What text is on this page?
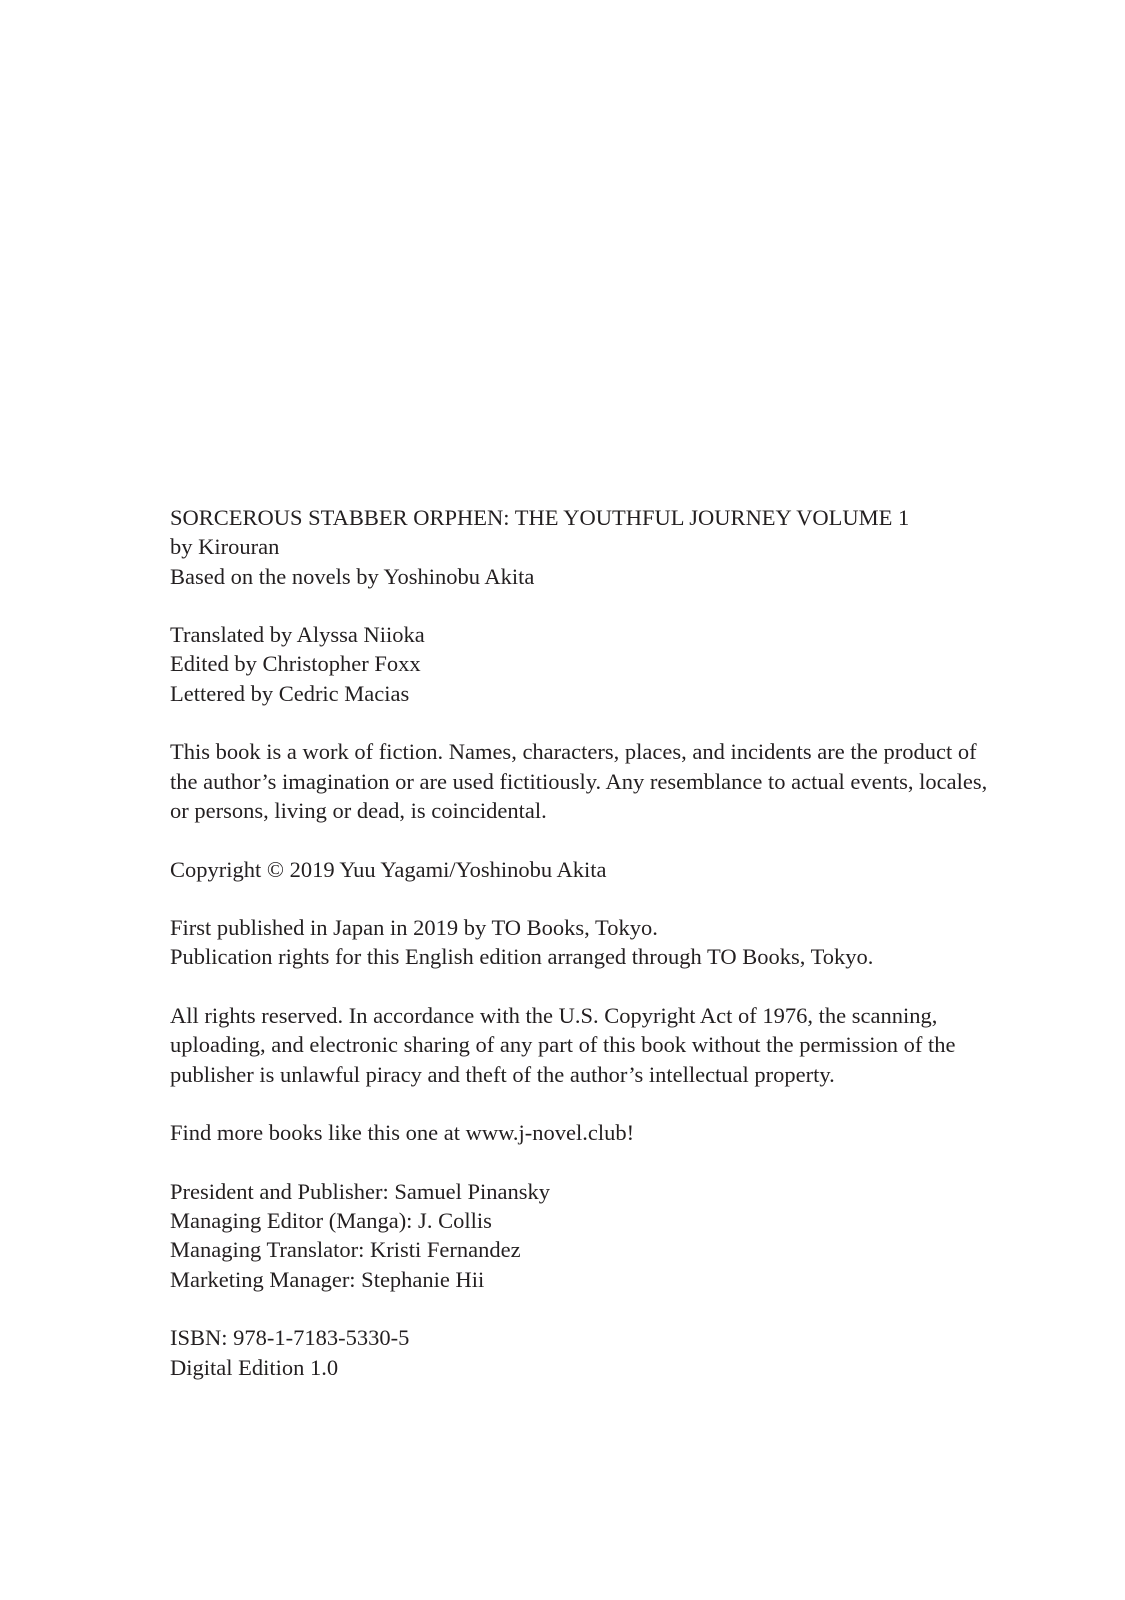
SORCEROUS STABBER ORPHEN: THE YOUTHFUL JOURNEY VOLUME 1
by Kirouran
Based on the novels by Yoshinobu Akita

Translated by Alyssa Niioka
Edited by Christopher Foxx
Lettered by Cedric Macias

This book is a work of fiction. Names, characters, places, and incidents are the product of
the author’s imagination or are used fictitiously. Any resemblance to actual events, locales,
or persons, living or dead, is coincidental.

Copyright © 2019 Yuu Yagami/Yoshinobu Akita

First published in Japan in 2019 by TO Books, Tokyo.
Publication rights for this English edition arranged through TO Books, Tokyo.

All rights reserved. In accordance with the U.S. Copyright Act of 1976, the scanning,
uploading, and electronic sharing of any part of this book without the permission of the
publisher is unlawful piracy and theft of the author’s intellectual property.

Find more books like this one at www.j-novel.club!

President and Publisher: Samuel Pinansky
Managing Editor (Manga): J. Collis
Managing Translator: Kristi Fernandez
Marketing Manager: Stephanie Hii

ISBN: 978-1-7183-5330-5
Digital Edition 1.0
